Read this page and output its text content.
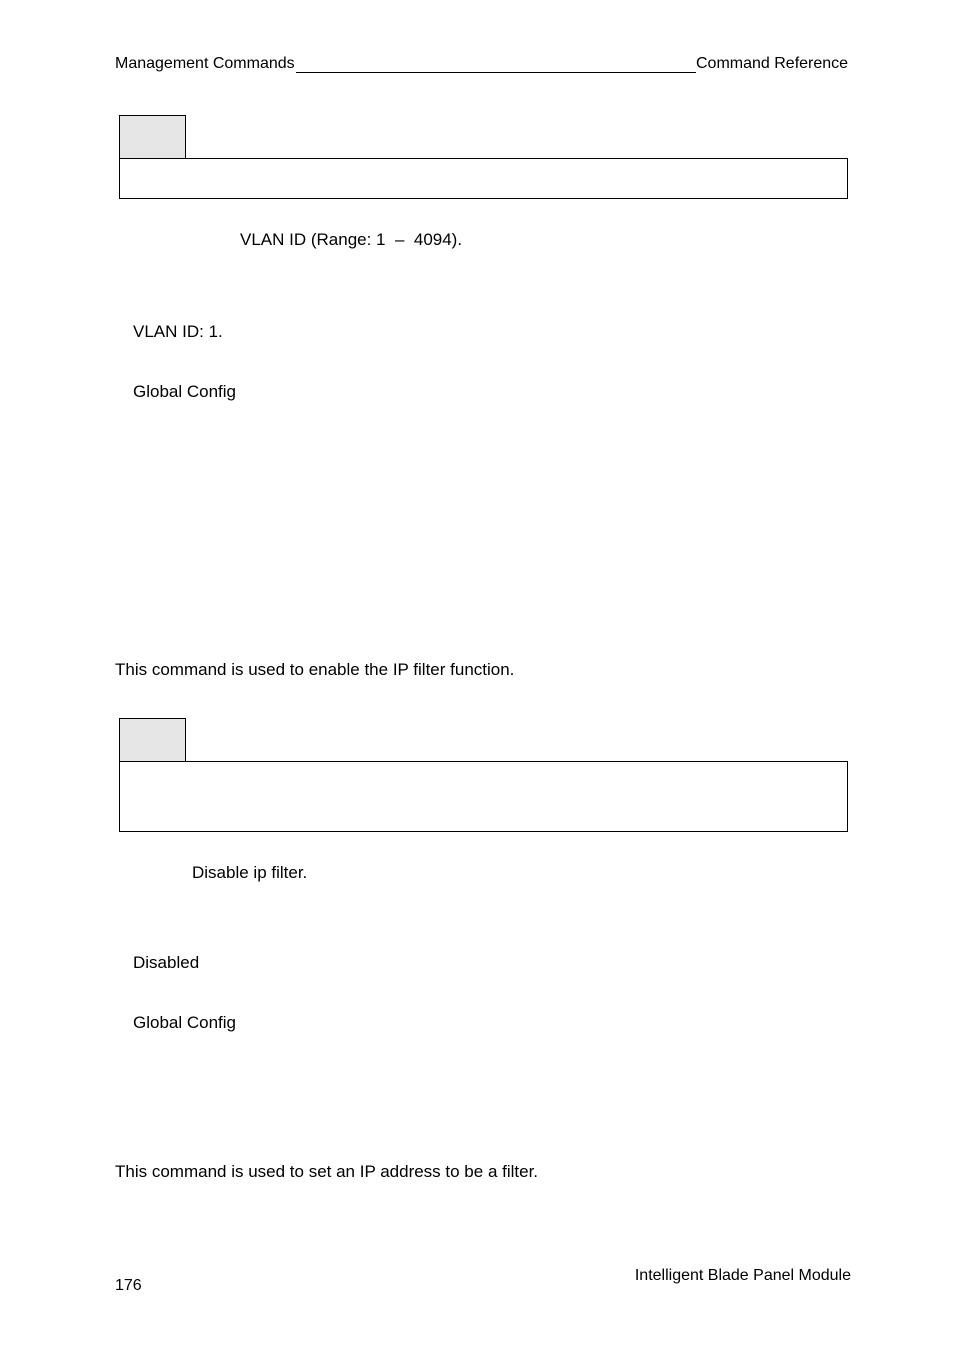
Management Commands	Command Reference
VLAN ID (Range: 1  –  4094).
VLAN ID: 1.
Global Config
This command is used to enable the IP filter function.
Disable ip filter.
Disabled
Global Config
This command is used to set an IP address to be a filter.
176
Intelligent Blade Panel Module
